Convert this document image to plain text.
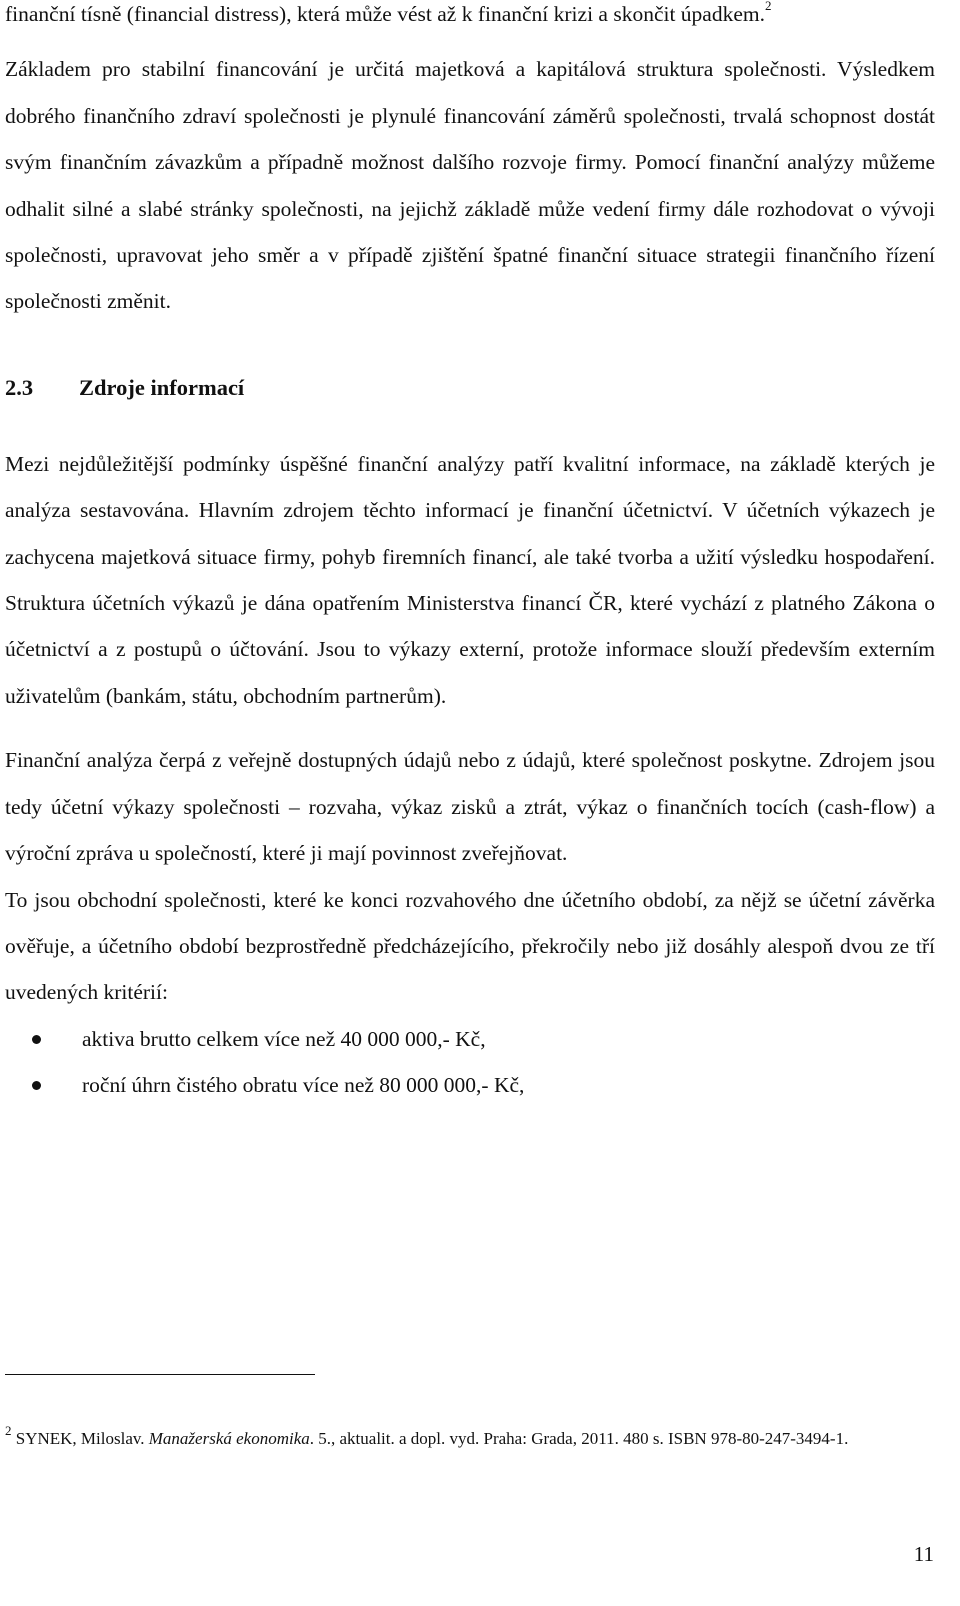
finanční tísně (financial distress), která může vést až k finanční krizi a skončit úpadkem.$^2$

Základem pro stabilní financování je určitá majetková a kapitálová struktura společnosti. Výsledkem dobrého finančního zdraví společnosti je plynulé financování záměrů společnosti, trvalá schopnost dostát svým finančním závazkům a případně možnost dalšího rozvoje firmy. Pomocí finanční analýzy můžeme odhalit silné a slabé stránky společnosti, na jejichž základě může vedení firmy dále rozhodovat o vývoji společnosti, upravovat jeho směr a v případě zjištění špatné finanční situace strategii finančního řízení společnosti změnit.

2.3 Zdroje informací

Mezi nejdůležitější podmínky úspěšné finanční analýzy patří kvalitní informace, na základě kterých je analýza sestavována. Hlavním zdrojem těchto informací je finanční účetnictví. V účetních výkazech je zachycena majetková situace firmy, pohyb firemních financí, ale také tvorba a užití výsledku hospodaření. Struktura účetních výkazů je dána opatřením Ministerstva financí ČR, které vychází z platného Zákona o účetnictví a z postupů o účtování. Jsou to výkazy externí, protože informace slouží především externím uživatelům (bankám, státu, obchodním partnerům).

Finanční analýza čerpá z veřejně dostupných údajů nebo z údajů, které společnost poskytne. Zdrojem jsou tedy účetní výkazy společnosti – rozvaha, výkaz zisků a ztrát, výkaz o finančních tocích (cash-flow) a výroční zpráva u společností, které ji mají povinnost zveřejňovat.

To jsou obchodní společnosti, které ke konci rozvahového dne účetního období, za nějž se účetní závěrka ověřuje, a účetního období bezprostředně předcházejícího, překročily nebo již dosáhly alespoň dvou ze tří uvedených kritérií:

aktiva brutto celkem více než 40 000 000,- Kč,
roční úhrn čistého obratu více než 80 000 000,- Kč,
$^2$ SYNEK, Miloslav. Manažerská ekonomika. 5., aktualit. a dopl. vyd. Praha: Grada, 2011. 480 s. ISBN 978-80-247-3494-1.
11
